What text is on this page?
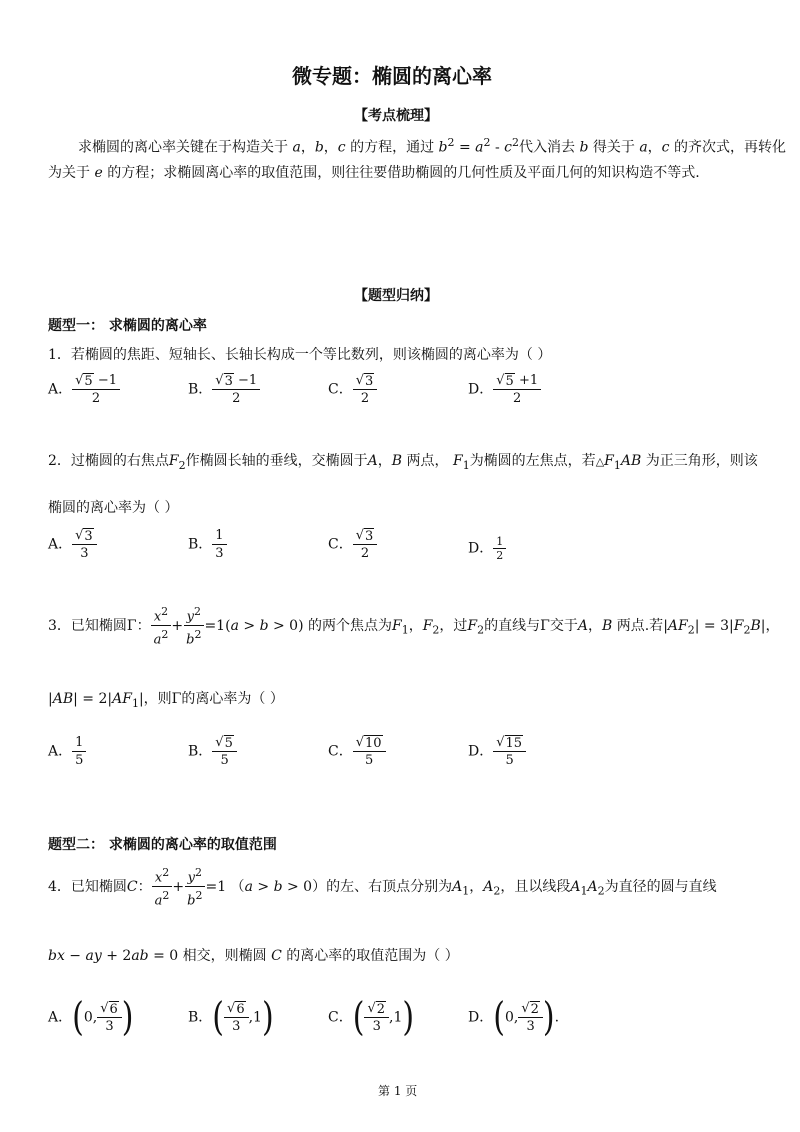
微专题：椭圆的离心率
【考点梳理】
求椭圆的离心率关键在于构造关于 a，b，c 的方程，通过 $b^2 = a^2 - c^2$代入消去 b 得关于 a，c 的齐次式，再转化
为关于 e 的方程；求椭圆离心率的取值范围，则往往要借助椭圆的几何性质及平面几何的知识构造不等式.
【题型归纳】
题型一： 求椭圆的离心率
1．若椭圆的焦距、短轴长、长轴长构成一个等比数列，则该椭圆的离心率为（ ）
A． $\frac{√ 5 -1}{2}$	B． $\frac{√ 3 -1}{2}$	C． $\frac{√ 3}{2}$	D． $\frac{√ 5 +1}{2}$
2．过椭圆的右焦点$F_2$作椭圆长轴的垂线，交椭圆于A，B 两点， $F_1$为椭圆的左焦点，若$\triangle F_1AB$ 为正三角形，则该
椭圆的离心率为（ ）
A． $\frac{√ 3}{3}$	B． $\frac{1}{3}$	C． $\frac{√ 3}{2}$	D． $\frac{1}{2}$
3．已知椭圆Γ： $\frac{x^2}{a^2} + \frac{y^2}{b^2} =1(a > b > 0)$ 的两个焦点为$F_1$，$F_2$，过$F_2$的直线与Γ交于A，B 两点.若$|AF_2| = 3|F_2B|$，
$|AB| = 2|AF_1|$，则Γ的离心率为（ ）
A． $\frac{1}{5}$	B． $\frac{√ 5}{5}$	C． $\frac{√ 10}{5}$	D． $\frac{√ 15}{5}$
题型二： 求椭圆的离心率的取值范围
4．已知椭圆C： $\frac{x^2}{a^2} + \frac{y^2}{b^2} =1$ （a > b > 0）的左、右顶点分别为$A_1$，$A_2$，且以线段$A_1A_2$为直径的圆与直线
bx − ay + 2ab = 0 相交，则椭圆 C 的离心率的取值范围为（ ）
A．(0, $\frac{√ 6}{3}$ )	B．( $\frac{√ 6}{3} ,1$)	C．( $\frac{√ 2}{3} ,1$)	D．(0, $\frac{√ 2}{3}$ ).
第 1 页
